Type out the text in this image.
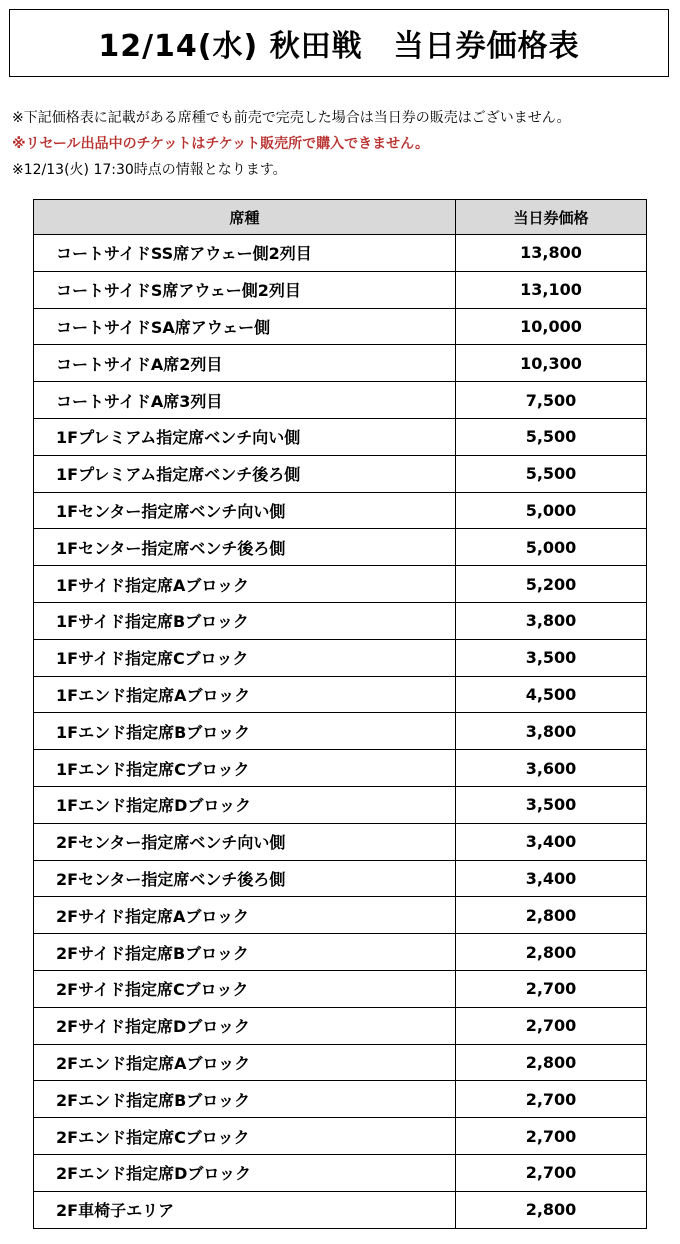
12/14(水) 秋田戦　当日券価格表
※下記価格表に記載がある席種でも前売で完売した場合は当日券の販売はございません。
※リセール出品中のチケットはチケット販売所で購入できません。
※12/13(火) 17:30時点の情報となります。
席種	当日券価格
コートサイドSS席アウェー側2列目	13,800
コートサイドS席アウェー側2列目	13,100
コートサイドSA席アウェー側	10,000
コートサイドA席2列目	10,300
コートサイドA席3列目	7,500
1Fプレミアム指定席ベンチ向い側	5,500
1Fプレミアム指定席ベンチ後ろ側	5,500
1Fセンター指定席ベンチ向い側	5,000
1Fセンター指定席ベンチ後ろ側	5,000
1Fサイド指定席Aブロック	5,200
1Fサイド指定席Bブロック	3,800
1Fサイド指定席Cブロック	3,500
1Fエンド指定席Aブロック	4,500
1Fエンド指定席Bブロック	3,800
1Fエンド指定席Cブロック	3,600
1Fエンド指定席Dブロック	3,500
2Fセンター指定席ベンチ向い側	3,400
2Fセンター指定席ベンチ後ろ側	3,400
2Fサイド指定席Aブロック	2,800
2Fサイド指定席Bブロック	2,800
2Fサイド指定席Cブロック	2,700
2Fサイド指定席Dブロック	2,700
2Fエンド指定席Aブロック	2,800
2Fエンド指定席Bブロック	2,700
2Fエンド指定席Cブロック	2,700
2Fエンド指定席Dブロック	2,700
2F車椅子エリア	2,800
